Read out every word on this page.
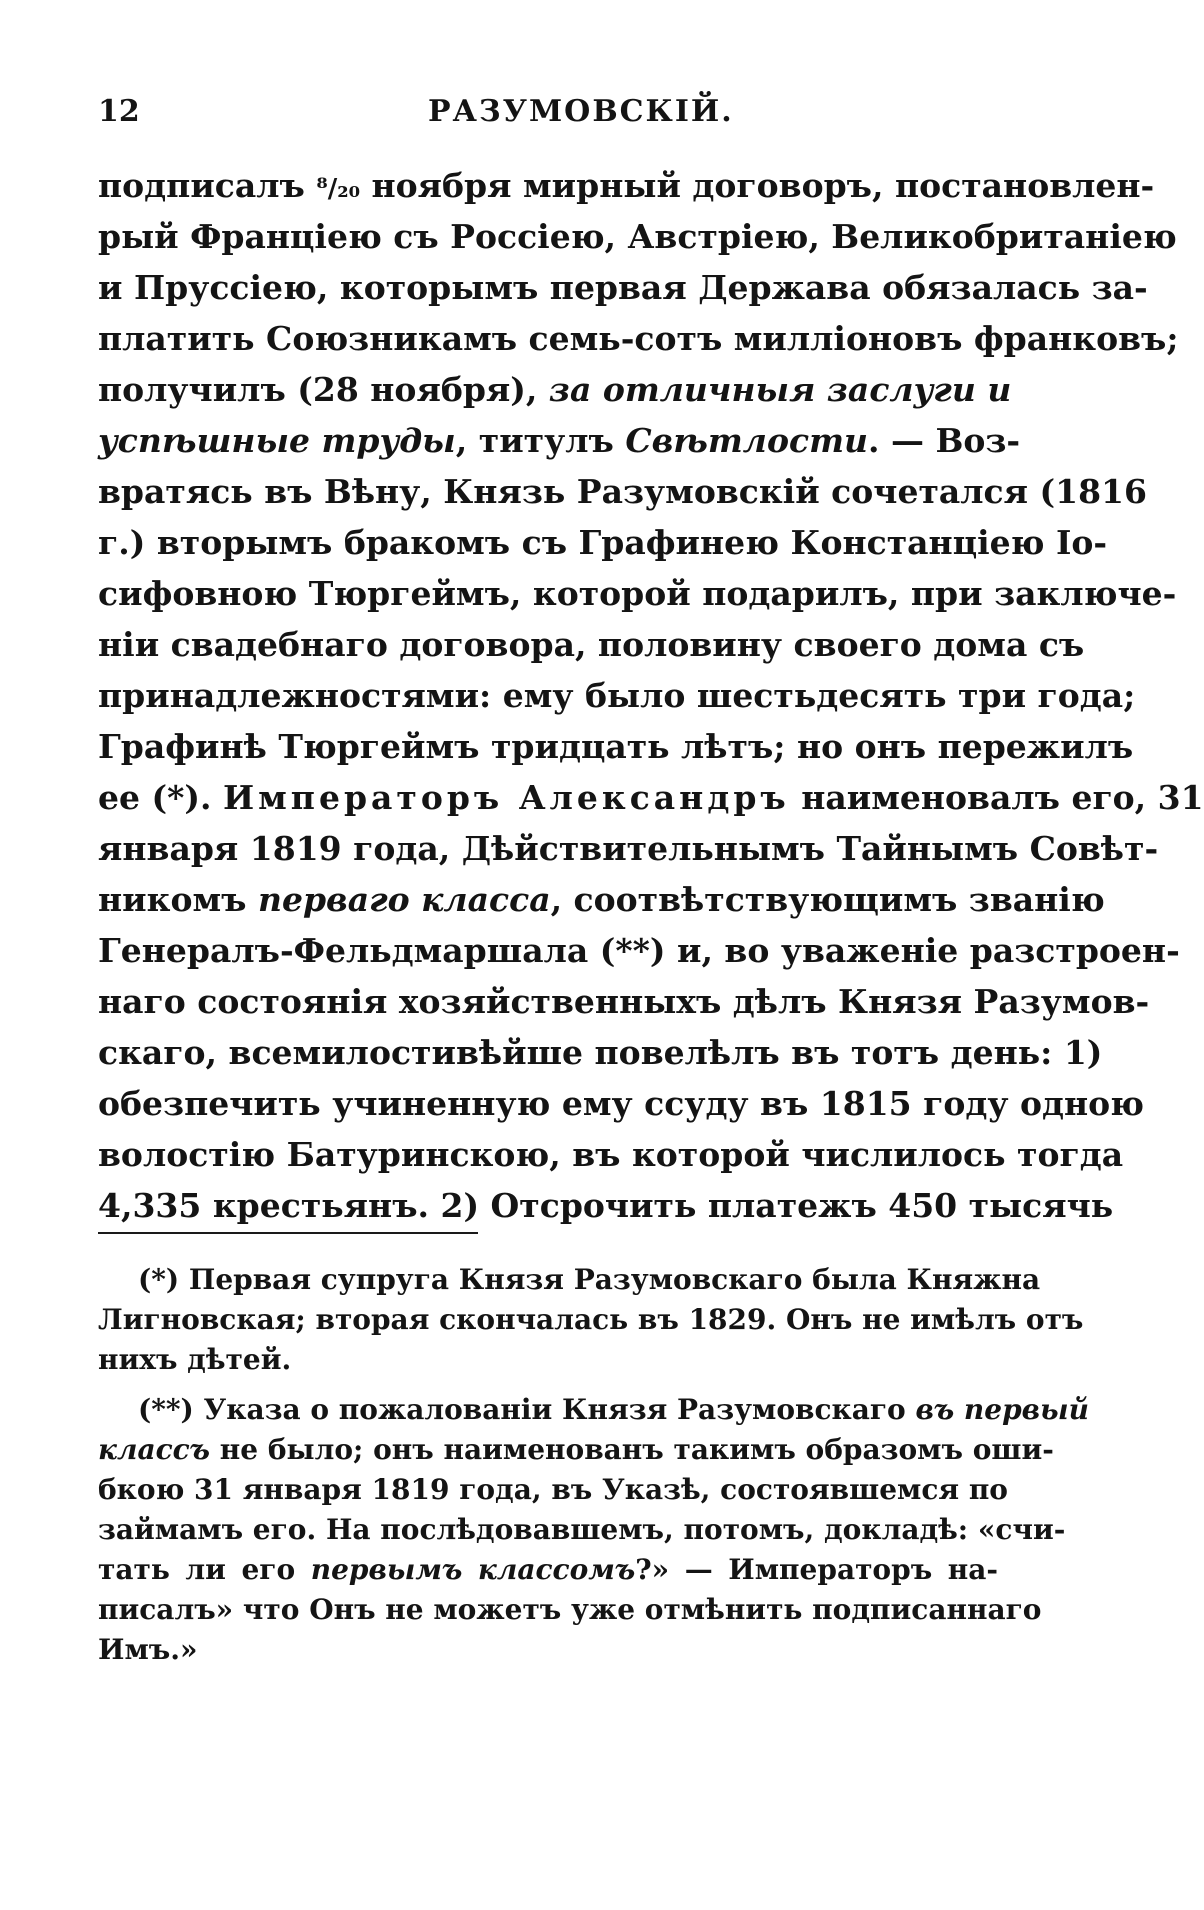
12	РАЗУМОВСКІЙ.
подписалъ ⁸/₂₀ ноября мирный договоръ, постановлен-
рый Франціею съ Россіею, Австріею, Великобританіею
и Пруссіею, которымъ первая Держава обязалась за-
платить Союзникамъ семь-сотъ милліоновъ франковъ;
получилъ (28 ноября), за отличныя заслуги и
успѣшные труды, титулъ Свѣтлости. — Воз-
вратясь въ Вѣну, Князь Разумовскій сочетался (1816
г.) вторымъ бракомъ съ Графинею Констанціею Іо-
сифовною Тюргеймъ, которой подарилъ, при заключе-
ніи свадебнаго договора, половину своего дома съ
принадлежностями: ему было шестьдесять три года;
Графинѣ Тюргеймъ тридцать лѣтъ; но онъ пережилъ
ее (*). Императоръ Александръ наименовалъ его, 31
января 1819 года, Дѣйствительнымъ Тайнымъ Совѣт-
никомъ перваго класса, соотвѣтствующимъ званію
Генералъ-Фельдмаршала (**) и, во уваженіе разстроен-
наго состоянія хозяйственныхъ дѣлъ Князя Разумов-
скаго, всемилостивѣйше повелѣлъ въ тотъ день: 1)
обезпечить учиненную ему ссуду въ 1815 году одною
волостію Батуринскою, въ которой числилось тогда
4,335 крестьянъ. 2) Отсрочить платежъ 450 тысячь
(*) Первая супруга Князя Разумовскаго была Княжна
Лигновская; вторая скончалась въ 1829. Онъ не имѣлъ отъ
нихъ дѣтей.
(**) Указа о пожалованіи Князя Разумовскаго въ первый
классъ не было; онъ наименованъ такимъ образомъ оши-
бкою 31 января 1819 года, въ Указѣ, состоявшемся по
займамъ его. На послѣдовавшемъ, потомъ, докладѣ: «счи-
тать ли его первымъ классомъ?» — Императоръ на-
писалъ» что Онъ не можетъ уже отмѣнить подписаннаго
Имъ.»
